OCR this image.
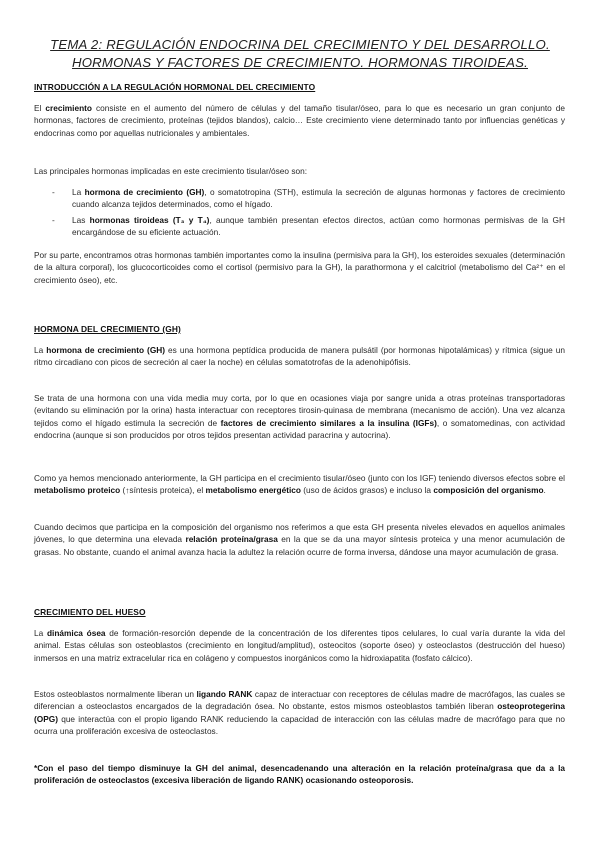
TEMA 2: REGULACIÓN ENDOCRINA DEL CRECIMIENTO Y DEL DESARROLLO. HORMONAS Y FACTORES DE CRECIMIENTO. HORMONAS TIROIDEAS.
INTRODUCCIÓN A LA REGULACIÓN HORMONAL DEL CRECIMIENTO

El crecimiento consiste en el aumento del número de células y del tamaño tisular/óseo, para lo que es necesario un gran conjunto de hormonas, factores de crecimiento, proteínas (tejidos blandos), calcio… Este crecimiento viene determinado tanto por influencias genéticas y endocrinas como por aquellas nutricionales y ambientales.

Las principales hormonas implicadas en este crecimiento tisular/óseo son:

-	La hormona de crecimiento (GH), o somatotropina (STH), estimula la secreción de algunas hormonas y factores de crecimiento cuando alcanza tejidos determinados, como el hígado.
-	Las hormonas tiroideas (T₃ y T₄), aunque también presentan efectos directos, actúan como hormonas permisivas de la GH encargándose de su eficiente actuación.

Por su parte, encontramos otras hormonas también importantes como la insulina (permisiva para la GH), los esteroides sexuales (determinación de la altura corporal), los glucocorticoides como el cortisol (permisivo para la GH), la parathormona y el calcitriol (metabolismo del Ca²⁺ en el crecimiento óseo), etc.

HORMONA DEL CRECIMIENTO (GH)

La hormona de crecimiento (GH) es una hormona peptídica producida de manera pulsátil (por hormonas hipotalámicas) y rítmica (sigue un ritmo circadiano con picos de secreción al caer la noche) en células somatotrofas de la adenohipófisis.

Se trata de una hormona con una vida media muy corta, por lo que en ocasiones viaja por sangre unida a otras proteínas transportadoras (evitando su eliminación por la orina) hasta interactuar con receptores tirosin-quinasa de membrana (mecanismo de acción). Una vez alcanza tejidos como el hígado estimula la secreción de factores de crecimiento similares a la insulina (IGFs), o somatomedinas, con actividad endocrina (aunque si son producidos por otros tejidos presentan actividad paracrina y autocrina).

Como ya hemos mencionado anteriormente, la GH participa en el crecimiento tisular/óseo (junto con los IGF) teniendo diversos efectos sobre el metabolismo proteico (↑síntesis proteica), el metabolismo energético (uso de ácidos grasos) e incluso la composición del organismo.

Cuando decimos que participa en la composición del organismo nos referimos a que esta GH presenta niveles elevados en aquellos animales jóvenes, lo que determina una elevada relación proteína/grasa en la que se da una mayor síntesis proteica y una menor acumulación de grasas. No obstante, cuando el animal avanza hacia la adultez la relación ocurre de forma inversa, dándose una mayor acumulación de grasa.

CRECIMIENTO DEL HUESO

La dinámica ósea de formación-resorción depende de la concentración de los diferentes tipos celulares, lo cual varía durante la vida del animal. Estas células son osteoblastos (crecimiento en longitud/amplitud), osteocitos (soporte óseo) y osteoclastos (destrucción del hueso) inmersos en una matriz extracelular rica en colágeno y compuestos inorgánicos como la hidroxiapatita (fosfato cálcico).

Estos osteoblastos normalmente liberan un ligando RANK capaz de interactuar con receptores de células madre de macrófagos, las cuales se diferencian a osteoclastos encargados de la degradación ósea. No obstante, estos mismos osteoblastos también liberan osteoprotegerina (OPG) que interactúa con el propio ligando RANK reduciendo la capacidad de interacción con las células madre de macrófago para que no ocurra una proliferación excesiva de osteoclastos.

*Con el paso del tiempo disminuye la GH del animal, desencadenando una alteración en la relación proteína/grasa que da a la proliferación de osteoclastos (excesiva liberación de ligando RANK) ocasionando osteoporosis.
